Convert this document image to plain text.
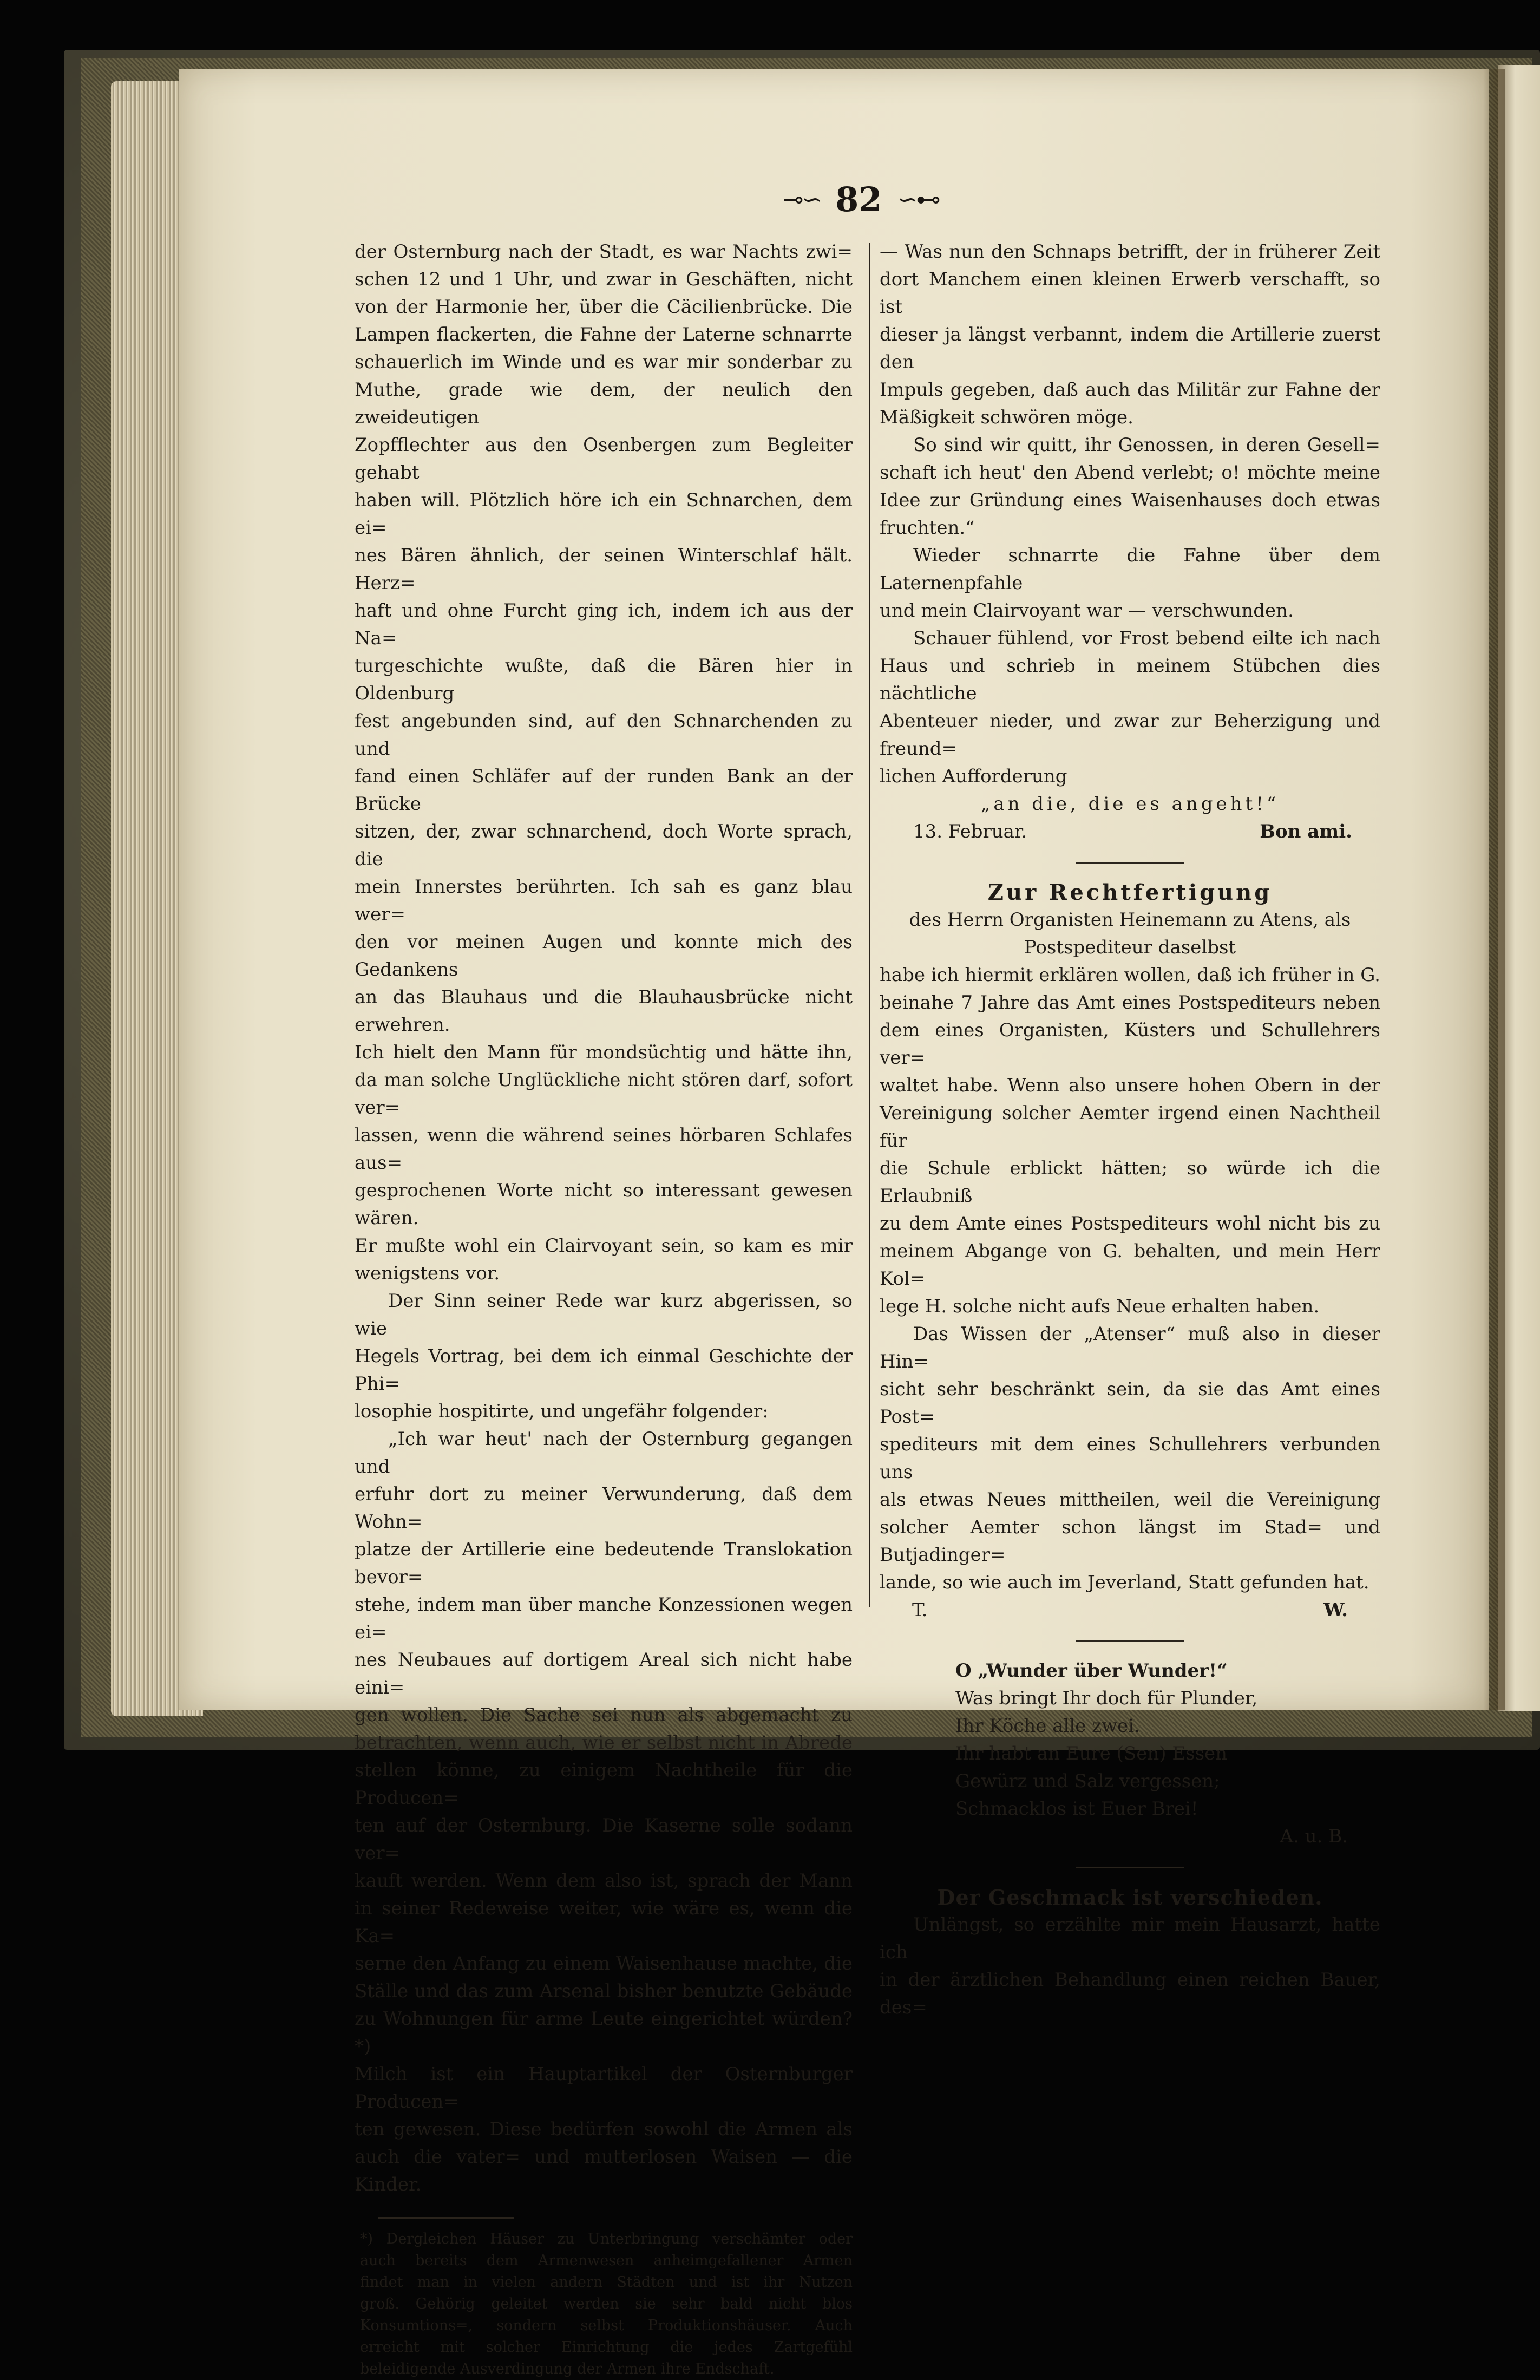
⊸∽ 82 ∽⊷

der Osternburg nach der Stadt, es war Nachts zwi=

schen 12 und 1 Uhr, und zwar in Geschäften, nicht

von der Harmonie her, über die Cäcilienbrücke. Die

Lampen flackerten, die Fahne der Laterne schnarrte

schauerlich im Winde und es war mir sonderbar zu

Muthe, grade wie dem, der neulich den zweideutigen

Zopfflechter aus den Osenbergen zum Begleiter gehabt

haben will. Plötzlich höre ich ein Schnarchen, dem ei=

nes Bären ähnlich, der seinen Winterschlaf hält. Herz=

haft und ohne Furcht ging ich, indem ich aus der Na=

turgeschichte wußte, daß die Bären hier in Oldenburg

fest angebunden sind, auf den Schnarchenden zu und

fand einen Schläfer auf der runden Bank an der Brücke

sitzen, der, zwar schnarchend, doch Worte sprach, die

mein Innerstes berührten. Ich sah es ganz blau wer=

den vor meinen Augen und konnte mich des Gedankens

an das Blauhaus und die Blauhausbrücke nicht erwehren.

Ich hielt den Mann für mondsüchtig und hätte ihn,

da man solche Unglückliche nicht stören darf, sofort ver=

lassen, wenn die während seines hörbaren Schlafes aus=

gesprochenen Worte nicht so interessant gewesen wären.

Er mußte wohl ein Clairvoyant sein, so kam es mir

wenigstens vor.

Der Sinn seiner Rede war kurz abgerissen, so wie

Hegels Vortrag, bei dem ich einmal Geschichte der Phi=

losophie hospitirte, und ungefähr folgender:

„Ich war heut' nach der Osternburg gegangen und

erfuhr dort zu meiner Verwunderung, daß dem Wohn=

platze der Artillerie eine bedeutende Translokation bevor=

stehe, indem man über manche Konzessionen wegen ei=

nes Neubaues auf dortigem Areal sich nicht habe eini=

gen wollen. Die Sache sei nun als abgemacht zu

betrachten, wenn auch, wie er selbst nicht in Abrede

stellen könne, zu einigem Nachtheile für die Producen=

ten auf der Osternburg. Die Kaserne solle sodann ver=

kauft werden. Wenn dem also ist, sprach der Mann

in seiner Redeweise weiter, wie wäre es, wenn die Ka=

serne den Anfang zu einem Waisenhause machte, die

Ställe und das zum Arsenal bisher benutzte Gebäude

zu Wohnungen für arme Leute eingerichtet würden?*)

Milch ist ein Hauptartikel der Osternburger Producen=

ten gewesen. Diese bedürfen sowohl die Armen als

auch die vater= und mutterlosen Waisen — die Kinder.

*) Dergleichen Häuser zu Unterbringung verschämter oder

auch bereits dem Armenwesen anheimgefallener Armen

findet man in vielen andern Städten und ist ihr Nutzen

groß. Gehörig geleitet werden sie sehr bald nicht blos

Konsumtions=, sondern selbst Produktionshäuser. Auch

erreicht mit solcher Einrichtung die jedes Zartgefühl

beleidigende Ausverdingung der Armen ihre Endschaft.

— Was nun den Schnaps betrifft, der in früherer Zeit

dort Manchem einen kleinen Erwerb verschafft, so ist

dieser ja längst verbannt, indem die Artillerie zuerst den

Impuls gegeben, daß auch das Militär zur Fahne der

Mäßigkeit schwören möge.

So sind wir quitt, ihr Genossen, in deren Gesell=

schaft ich heut' den Abend verlebt; o! möchte meine

Idee zur Gründung eines Waisenhauses doch etwas

fruchten.“

Wieder schnarrte die Fahne über dem Laternenpfahle

und mein Clairvoyant war — verschwunden.

Schauer fühlend, vor Frost bebend eilte ich nach

Haus und schrieb in meinem Stübchen dies nächtliche

Abenteuer nieder, und zwar zur Beherzigung und freund=

lichen Aufforderung

„an die, die es angeht!“

13. Februar.	Bon ami.

Zur Rechtfertigung

des Herrn Organisten Heinemann zu Atens, als

Postspediteur daselbst

habe ich hiermit erklären wollen, daß ich früher in G.

beinahe 7 Jahre das Amt eines Postspediteurs neben

dem eines Organisten, Küsters und Schullehrers ver=

waltet habe. Wenn also unsere hohen Obern in der

Vereinigung solcher Aemter irgend einen Nachtheil für

die Schule erblickt hätten; so würde ich die Erlaubniß

zu dem Amte eines Postspediteurs wohl nicht bis zu

meinem Abgange von G. behalten, und mein Herr Kol=

lege H. solche nicht aufs Neue erhalten haben.

Das Wissen der „Atenser“ muß also in dieser Hin=

sicht sehr beschränkt sein, da sie das Amt eines Post=

spediteurs mit dem eines Schullehrers verbunden uns

als etwas Neues mittheilen, weil die Vereinigung

solcher Aemter schon längst im Stad= und Butjadinger=

lande, so wie auch im Jeverland, Statt gefunden hat.

T.	W.

O „Wunder über Wunder!“

Was bringt Ihr doch für Plunder,

Ihr Köche alle zwei.

Ihr habt an Eure (Sen) Essen

Gewürz und Salz vergessen;

Schmacklos ist Euer Brei!

A. u. B.

Der Geschmack ist verschieden.

Unlängst, so erzählte mir mein Hausarzt, hatte ich

in der ärztlichen Behandlung einen reichen Bauer, des=
